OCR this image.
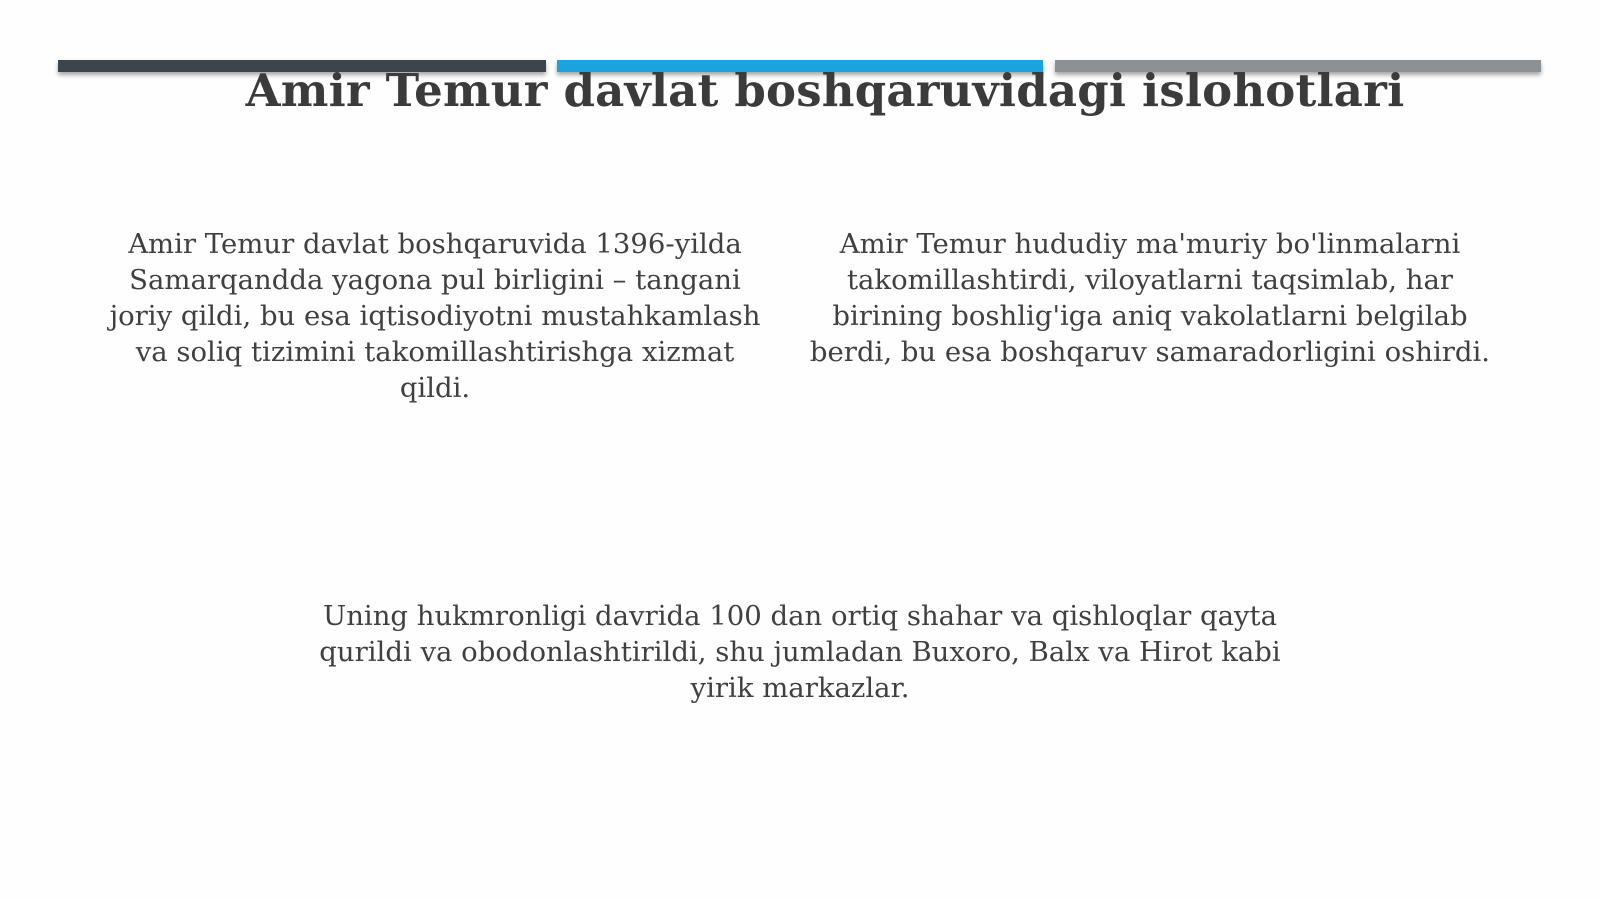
Amir Temur davlat boshqaruvidagi islohotlari
Amir Temur davlat boshqaruvida 1396-yilda Samarqandda yagona pul birligini – tangani joriy qildi, bu esa iqtisodiyotni mustahkamlash va soliq tizimini takomillashtirishga xizmat qildi.
Amir Temur hududiy ma'muriy bo'linmalarni takomillashtirdi, viloyatlarni taqsimlab, har birining boshlig'iga aniq vakolatlarni belgilab berdi, bu esa boshqaruv samaradorligini oshirdi.
Uning hukmronligi davrida 100 dan ortiq shahar va qishloqlar qayta qurildi va obodonlashtirildi, shu jumladan Buxoro, Balx va Hirot kabi yirik markazlar.
